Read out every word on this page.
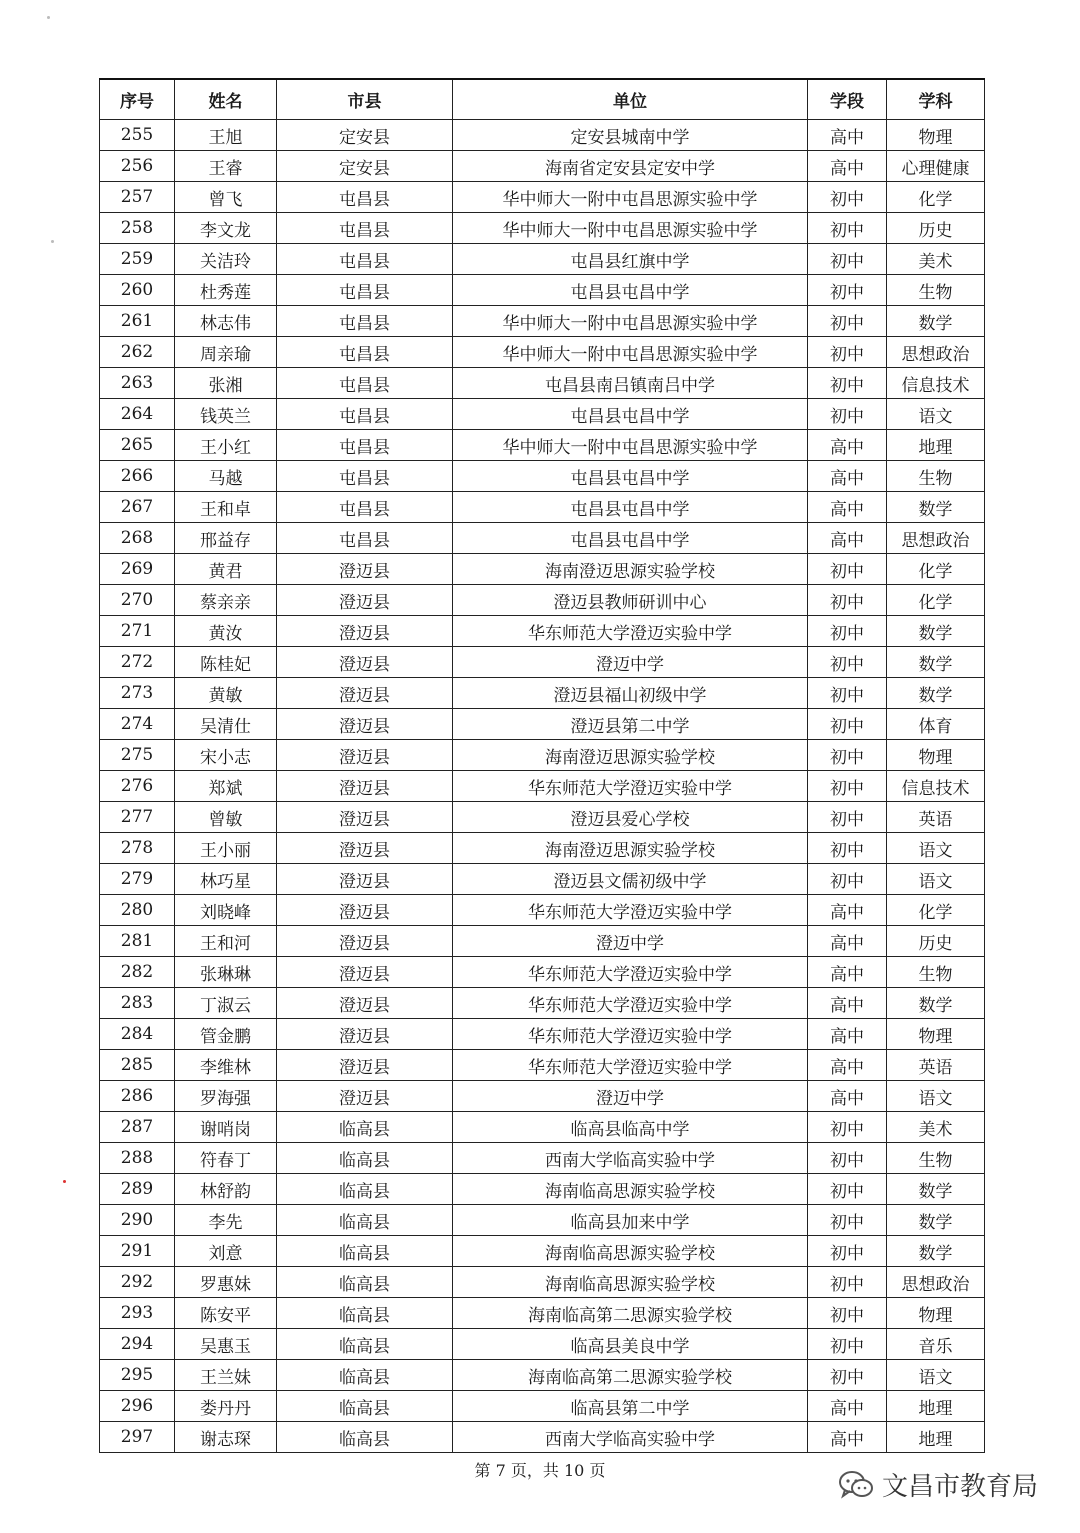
序号	姓名	市县	单位	学段	学科
255	王旭	定安县	定安县城南中学	高中	物理
256	王睿	定安县	海南省定安县定安中学	高中	心理健康
257	曾飞	屯昌县	华中师大一附中屯昌思源实验中学	初中	化学
258	李文龙	屯昌县	华中师大一附中屯昌思源实验中学	初中	历史
259	关洁玲	屯昌县	屯昌县红旗中学	初中	美术
260	杜秀莲	屯昌县	屯昌县屯昌中学	初中	生物
261	林志伟	屯昌县	华中师大一附中屯昌思源实验中学	初中	数学
262	周亲瑜	屯昌县	华中师大一附中屯昌思源实验中学	初中	思想政治
263	张湘	屯昌县	屯昌县南吕镇南吕中学	初中	信息技术
264	钱英兰	屯昌县	屯昌县屯昌中学	初中	语文
265	王小红	屯昌县	华中师大一附中屯昌思源实验中学	高中	地理
266	马越	屯昌县	屯昌县屯昌中学	高中	生物
267	王和卓	屯昌县	屯昌县屯昌中学	高中	数学
268	邢益存	屯昌县	屯昌县屯昌中学	高中	思想政治
269	黄君	澄迈县	海南澄迈思源实验学校	初中	化学
270	蔡亲亲	澄迈县	澄迈县教师研训中心	初中	化学
271	黄汝	澄迈县	华东师范大学澄迈实验中学	初中	数学
272	陈桂妃	澄迈县	澄迈中学	初中	数学
273	黄敏	澄迈县	澄迈县福山初级中学	初中	数学
274	吴清仕	澄迈县	澄迈县第二中学	初中	体育
275	宋小志	澄迈县	海南澄迈思源实验学校	初中	物理
276	郑斌	澄迈县	华东师范大学澄迈实验中学	初中	信息技术
277	曾敏	澄迈县	澄迈县爱心学校	初中	英语
278	王小丽	澄迈县	海南澄迈思源实验学校	初中	语文
279	林巧星	澄迈县	澄迈县文儒初级中学	初中	语文
280	刘晓峰	澄迈县	华东师范大学澄迈实验中学	高中	化学
281	王和河	澄迈县	澄迈中学	高中	历史
282	张琳琳	澄迈县	华东师范大学澄迈实验中学	高中	生物
283	丁淑云	澄迈县	华东师范大学澄迈实验中学	高中	数学
284	管金鹏	澄迈县	华东师范大学澄迈实验中学	高中	物理
285	李维林	澄迈县	华东师范大学澄迈实验中学	高中	英语
286	罗海强	澄迈县	澄迈中学	高中	语文
287	谢哨岗	临高县	临高县临高中学	初中	美术
288	符春丁	临高县	西南大学临高实验中学	初中	生物
289	林舒韵	临高县	海南临高思源实验学校	初中	数学
290	李先	临高县	临高县加来中学	初中	数学
291	刘意	临高县	海南临高思源实验学校	初中	数学
292	罗惠妹	临高县	海南临高思源实验学校	初中	思想政治
293	陈安平	临高县	海南临高第二思源实验学校	初中	物理
294	吴惠玉	临高县	临高县美良中学	初中	音乐
295	王兰妹	临高县	海南临高第二思源实验学校	初中	语文
296	娄丹丹	临高县	临高县第二中学	高中	地理
297	谢志琛	临高县	西南大学临高实验中学	高中	地理
第 7 页，共 10 页
文昌市教育局
